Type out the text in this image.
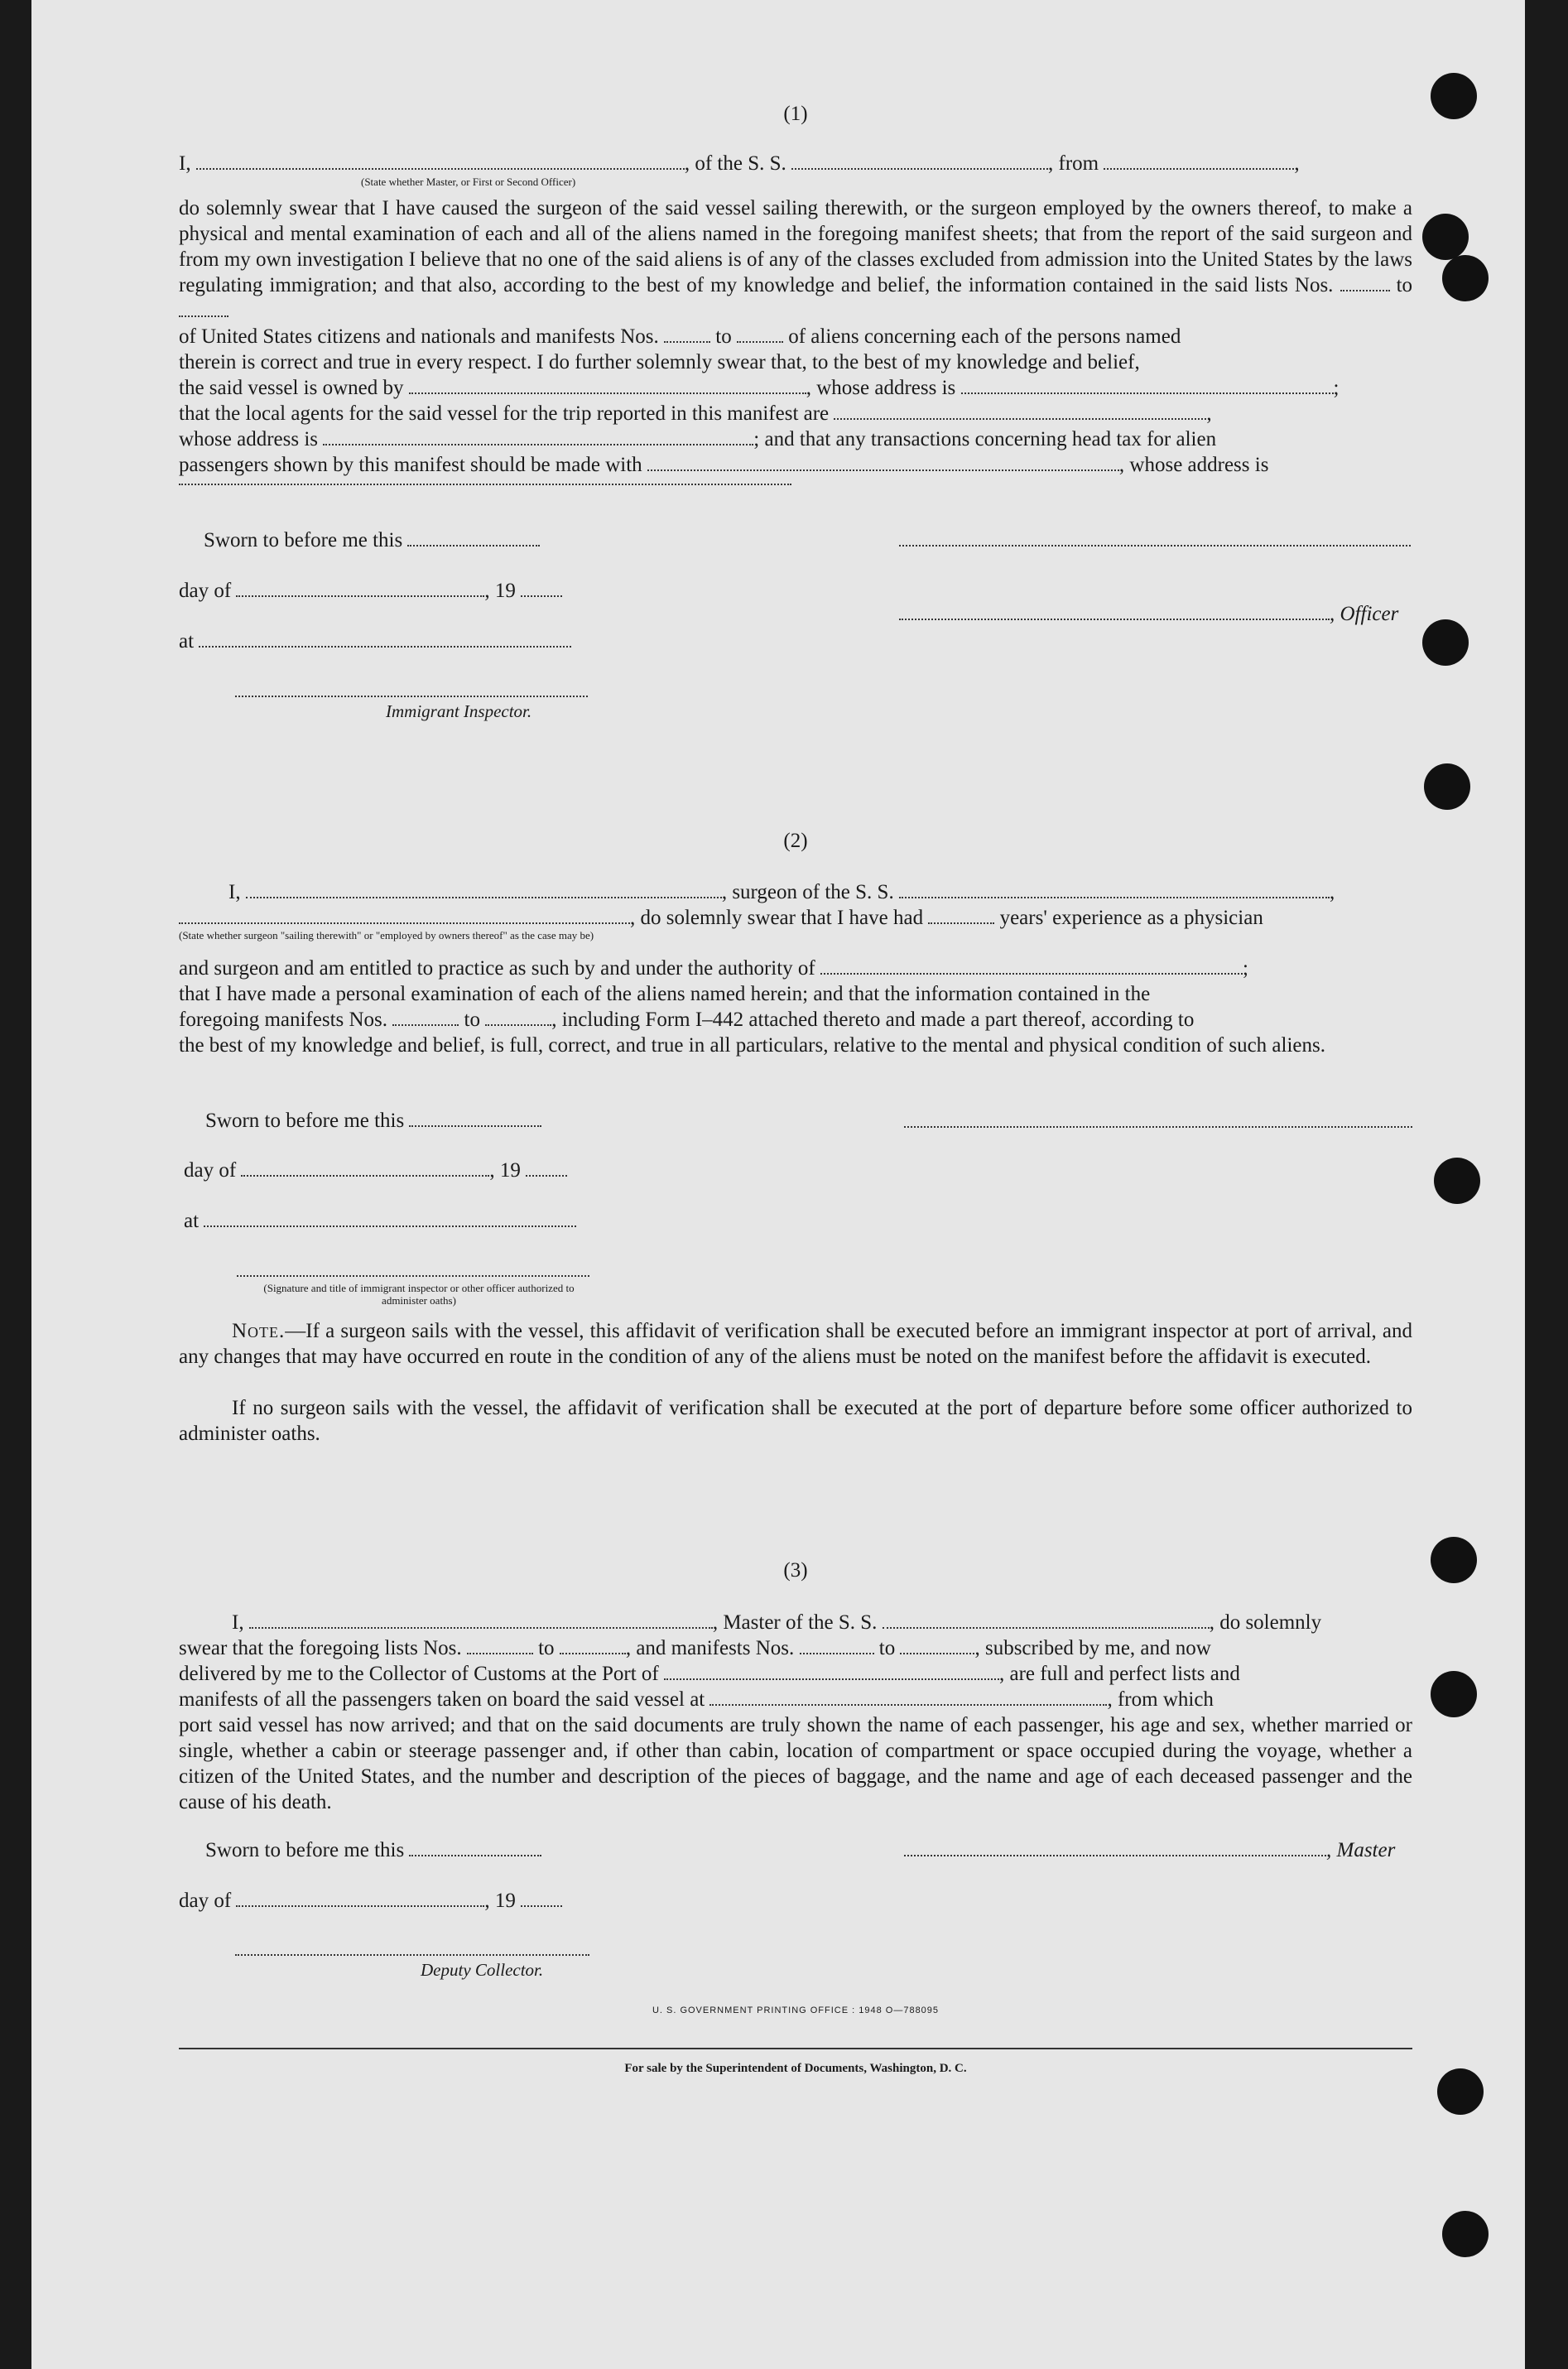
(1)
I,	, of the S. S.	, from	,
(State whether Master, or First or Second Officer)
do solemnly swear that I have caused the surgeon of the said vessel sailing therewith, or the surgeon employed by the owners thereof, to make a physical and mental examination of each and all of the aliens named in the foregoing manifest sheets; that from the report of the said surgeon and from my own investigation I believe that no one of the said aliens is of any of the classes excluded from admission into the United States by the laws regulating immigration; and that also, according to the best of my knowledge and belief, the information contained in the said lists Nos.	to
of United States citizens and nationals and manifests Nos.	to	of aliens concerning each of the persons named
therein is correct and true in every respect. I do further solemnly swear that, to the best of my knowledge and belief,
the said vessel is owned by	, whose address is	;
that the local agents for the said vessel for the trip reported in this manifest are	,
whose address is	; and that any transactions concerning head tax for alien
passengers shown by this manifest should be made with	, whose address is
Sworn to before me this
day of	, 19
, Officer
at
Immigrant Inspector.
(2)
I,	, surgeon of the S. S.	,
, do solemnly swear that I have had	years' experience as a physician
(State whether surgeon "sailing therewith" or "employed by owners thereof" as the case may be)
and surgeon and am entitled to practice as such by and under the authority of	;
that I have made a personal examination of each of the aliens named herein; and that the information contained in the
foregoing manifests Nos.	to	, including Form I–442 attached thereto and made a part thereof, according to
the best of my knowledge and belief, is full, correct, and true in all particulars, relative to the mental and physical condition of such aliens.
Sworn to before me this
day of	, 19
at
(Signature and title of immigrant inspector or other officer authorized to administer oaths)
Note.—If a surgeon sails with the vessel, this affidavit of verification shall be executed before an immigrant inspector at port of arrival, and any changes that may have occurred en route in the condition of any of the aliens must be noted on the manifest before the affidavit is executed.
If no surgeon sails with the vessel, the affidavit of verification shall be executed at the port of departure before some officer authorized to administer oaths.
(3)
I,	, Master of the S. S.	, do solemnly
swear that the foregoing lists Nos.	to	, and manifests Nos.	to	, subscribed by me, and now
delivered by me to the Collector of Customs at the Port of	, are full and perfect lists and
manifests of all the passengers taken on board the said vessel at	, from which
port said vessel has now arrived; and that on the said documents are truly shown the name of each passenger, his age and sex, whether married or single, whether a cabin or steerage passenger and, if other than cabin, location of compartment or space occupied during the voyage, whether a citizen of the United States, and the number and description of the pieces of baggage, and the name and age of each deceased passenger and the cause of his death.
Sworn to before me this	, Master
day of	, 19
Deputy Collector.
U. S. GOVERNMENT PRINTING OFFICE : 1948 O—788095
For sale by the Superintendent of Documents, Washington, D. C.
